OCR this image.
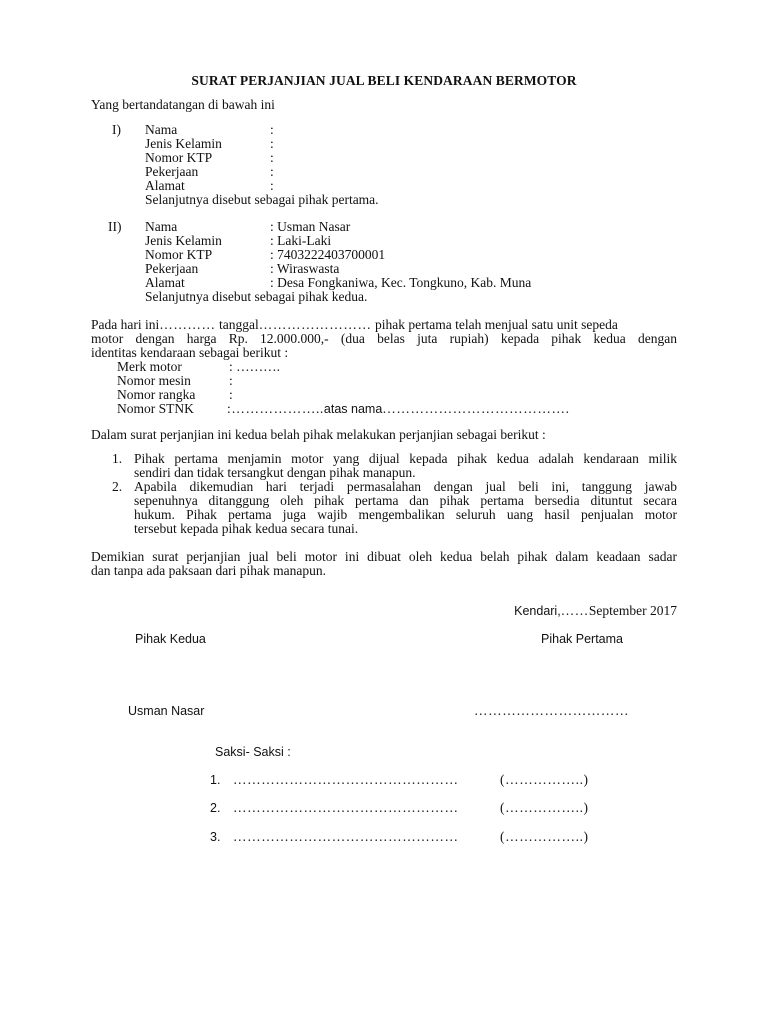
SURAT PERJANJIAN JUAL BELI KENDARAAN BERMOTOR
Yang bertandatangan di bawah ini
I) Nama	:
Jenis Kelamin	:
Nomor KTP	:
Pekerjaan	:
Alamat	:
Selanjutnya disebut sebagai pihak pertama.
II) Nama	: Usman Nasar
Jenis Kelamin	: Laki-Laki
Nomor KTP	: 7403222403700001
Pekerjaan	: Wiraswasta
Alamat	: Desa Fongkaniwa, Kec. Tongkuno, Kab. Muna
Selanjutnya disebut sebagai pihak kedua.
Pada hari ini………… tanggal…………………… pihak pertama telah menjual satu unit sepeda
motor dengan harga Rp. 12.000.000,- (dua belas juta rupiah) kepada pihak kedua dengan
identitas kendaraan sebagai berikut :
Merk motor	: ……….
Nomor mesin	:
Nomor rangka :
Nomor STNK :………………..atas nama………………………………….
Dalam surat perjanjian ini kedua belah pihak melakukan perjanjian sebagai berikut :
1. Pihak pertama menjamin motor yang dijual kepada pihak kedua adalah kendaraan milik
sendiri dan tidak tersangkut dengan pihak manapun.
2. Apabila dikemudian hari terjadi permasalahan dengan jual beli ini, tanggung jawab
sepenuhnya ditanggung oleh pihak pertama dan pihak pertama bersedia dituntut secara
hukum. Pihak pertama juga wajib mengembalikan seluruh uang hasil penjualan motor
tersebut kepada pihak kedua secara tunai.
Demikian surat perjanjian jual beli motor ini dibuat oleh kedua belah pihak dalam keadaan sadar
dan tanpa ada paksaan dari pihak manapun.
Kendari,……September 2017
Pihak Kedua	Pihak Pertama
Usman Nasar	……………………………
Saksi- Saksi :
1. …………………………………………	(……………..)
2. …………………………………………	(……………..)
3. …………………………………………	(……………..)
